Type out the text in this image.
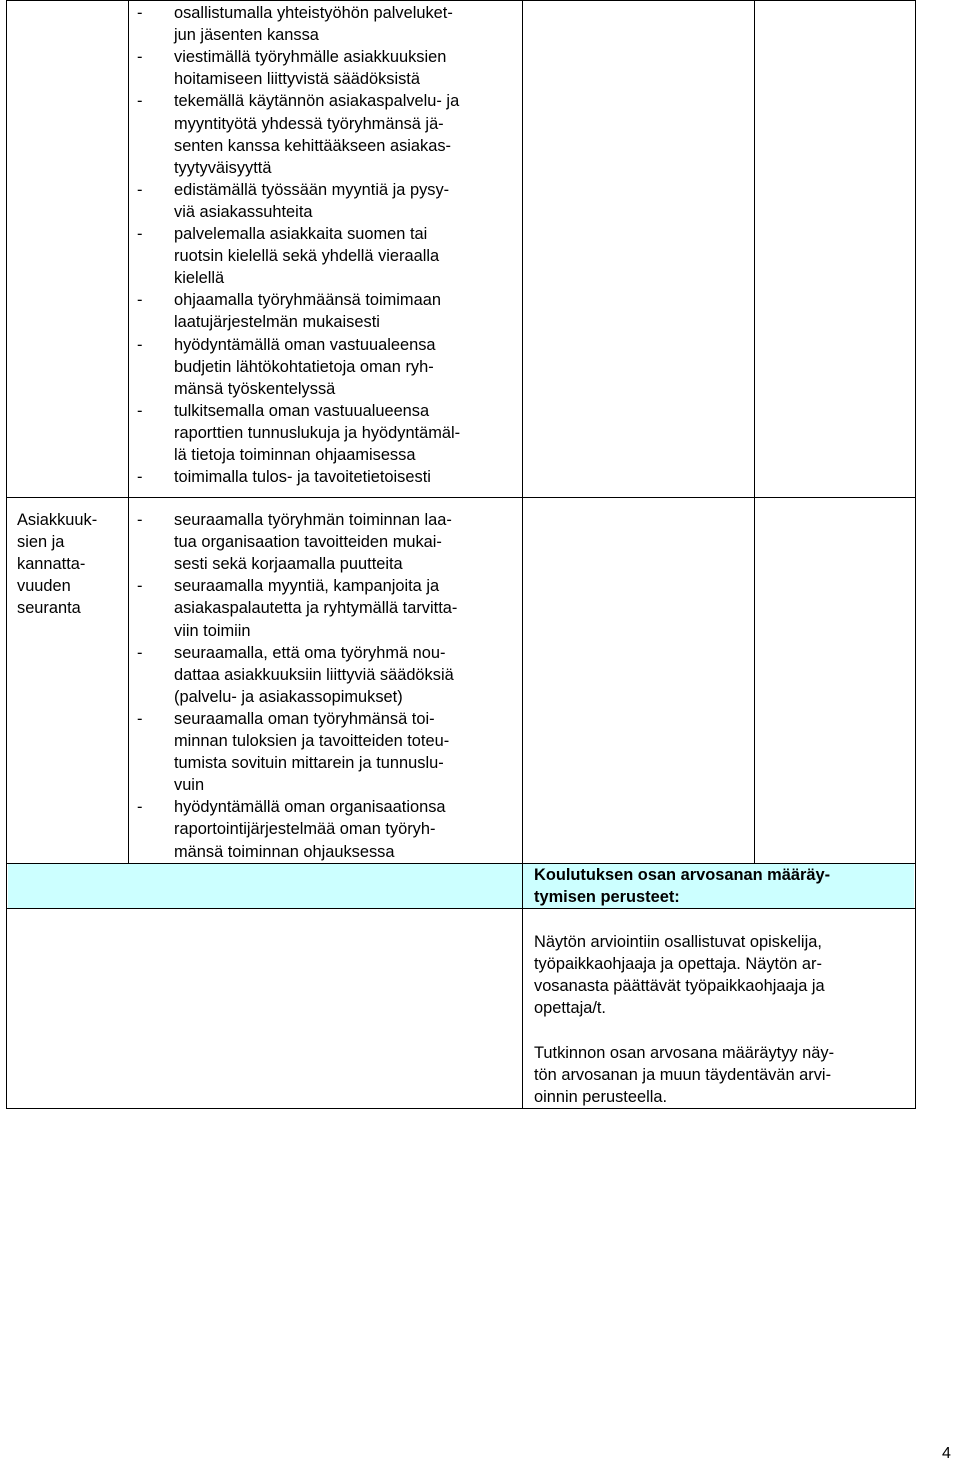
- osallistumalla yhteistyöhön palveluket-
jun jäsenten kanssa
- viestimällä työryhmälle asiakkuuksien
hoitamiseen liittyvistä säädöksistä
- tekemällä käytännön asiakaspalvelu- ja
myyntityötä yhdessä työryhmänsä jä-
senten kanssa kehittääkseen asiakas-
tyytyväisyyttä
- edistämällä työssään myyntiä ja pysy-
viä asiakassuhteita
- palvelemalla asiakkaita suomen tai
ruotsin kielellä sekä yhdellä vieraalla
kielellä
- ohjaamalla työryhmäänsä toimimaan
laatujärjestelmän mukaisesti
- hyödyntämällä oman vastuualeensa
budjetin lähtökohtatietoja oman ryh-
mänsä työskentelyssä
- tulkitsemalla oman vastuualueensa
raporttien tunnuslukuja ja hyödyntämäl-
lä tietoja toiminnan ohjaamisessa
- toimimalla tulos- ja tavoitetietoisesti
Asiakkuuk-
sien ja
kannatta-
vuuden
seuranta
- seuraamalla työryhmän toiminnan laa-
tua organisaation tavoitteiden mukai-
sesti sekä korjaamalla puutteita
- seuraamalla myyntiä, kampanjoita ja
asiakaspalautetta ja ryhtymällä tarvitta-
viin toimiin
- seuraamalla, että oma työryhmä nou-
dattaa asiakkuuksiin liittyviä säädöksiä
(palvelu- ja asiakassopimukset)
- seuraamalla oman työryhmänsä toi-
minnan tuloksien ja tavoitteiden toteu-
tumista sovituin mittarein ja tunnuslu-
vuin
- hyödyntämällä oman organisaationsa
raportointijärjestelmää oman työryh-
mänsä toiminnan ohjauksessa
Koulutuksen osan arvosanan määräy-
tymisen perusteet:
Näytön arviointiin osallistuvat opiskelija,
työpaikkaohjaaja ja opettaja. Näytön ar-
vosanasta päättävät työpaikkaohjaaja ja
opettaja/t.
Tutkinnon osan arvosana määräytyy näy-
tön arvosanan ja muun täydentävän arvi-
oinnin perusteella.
4
